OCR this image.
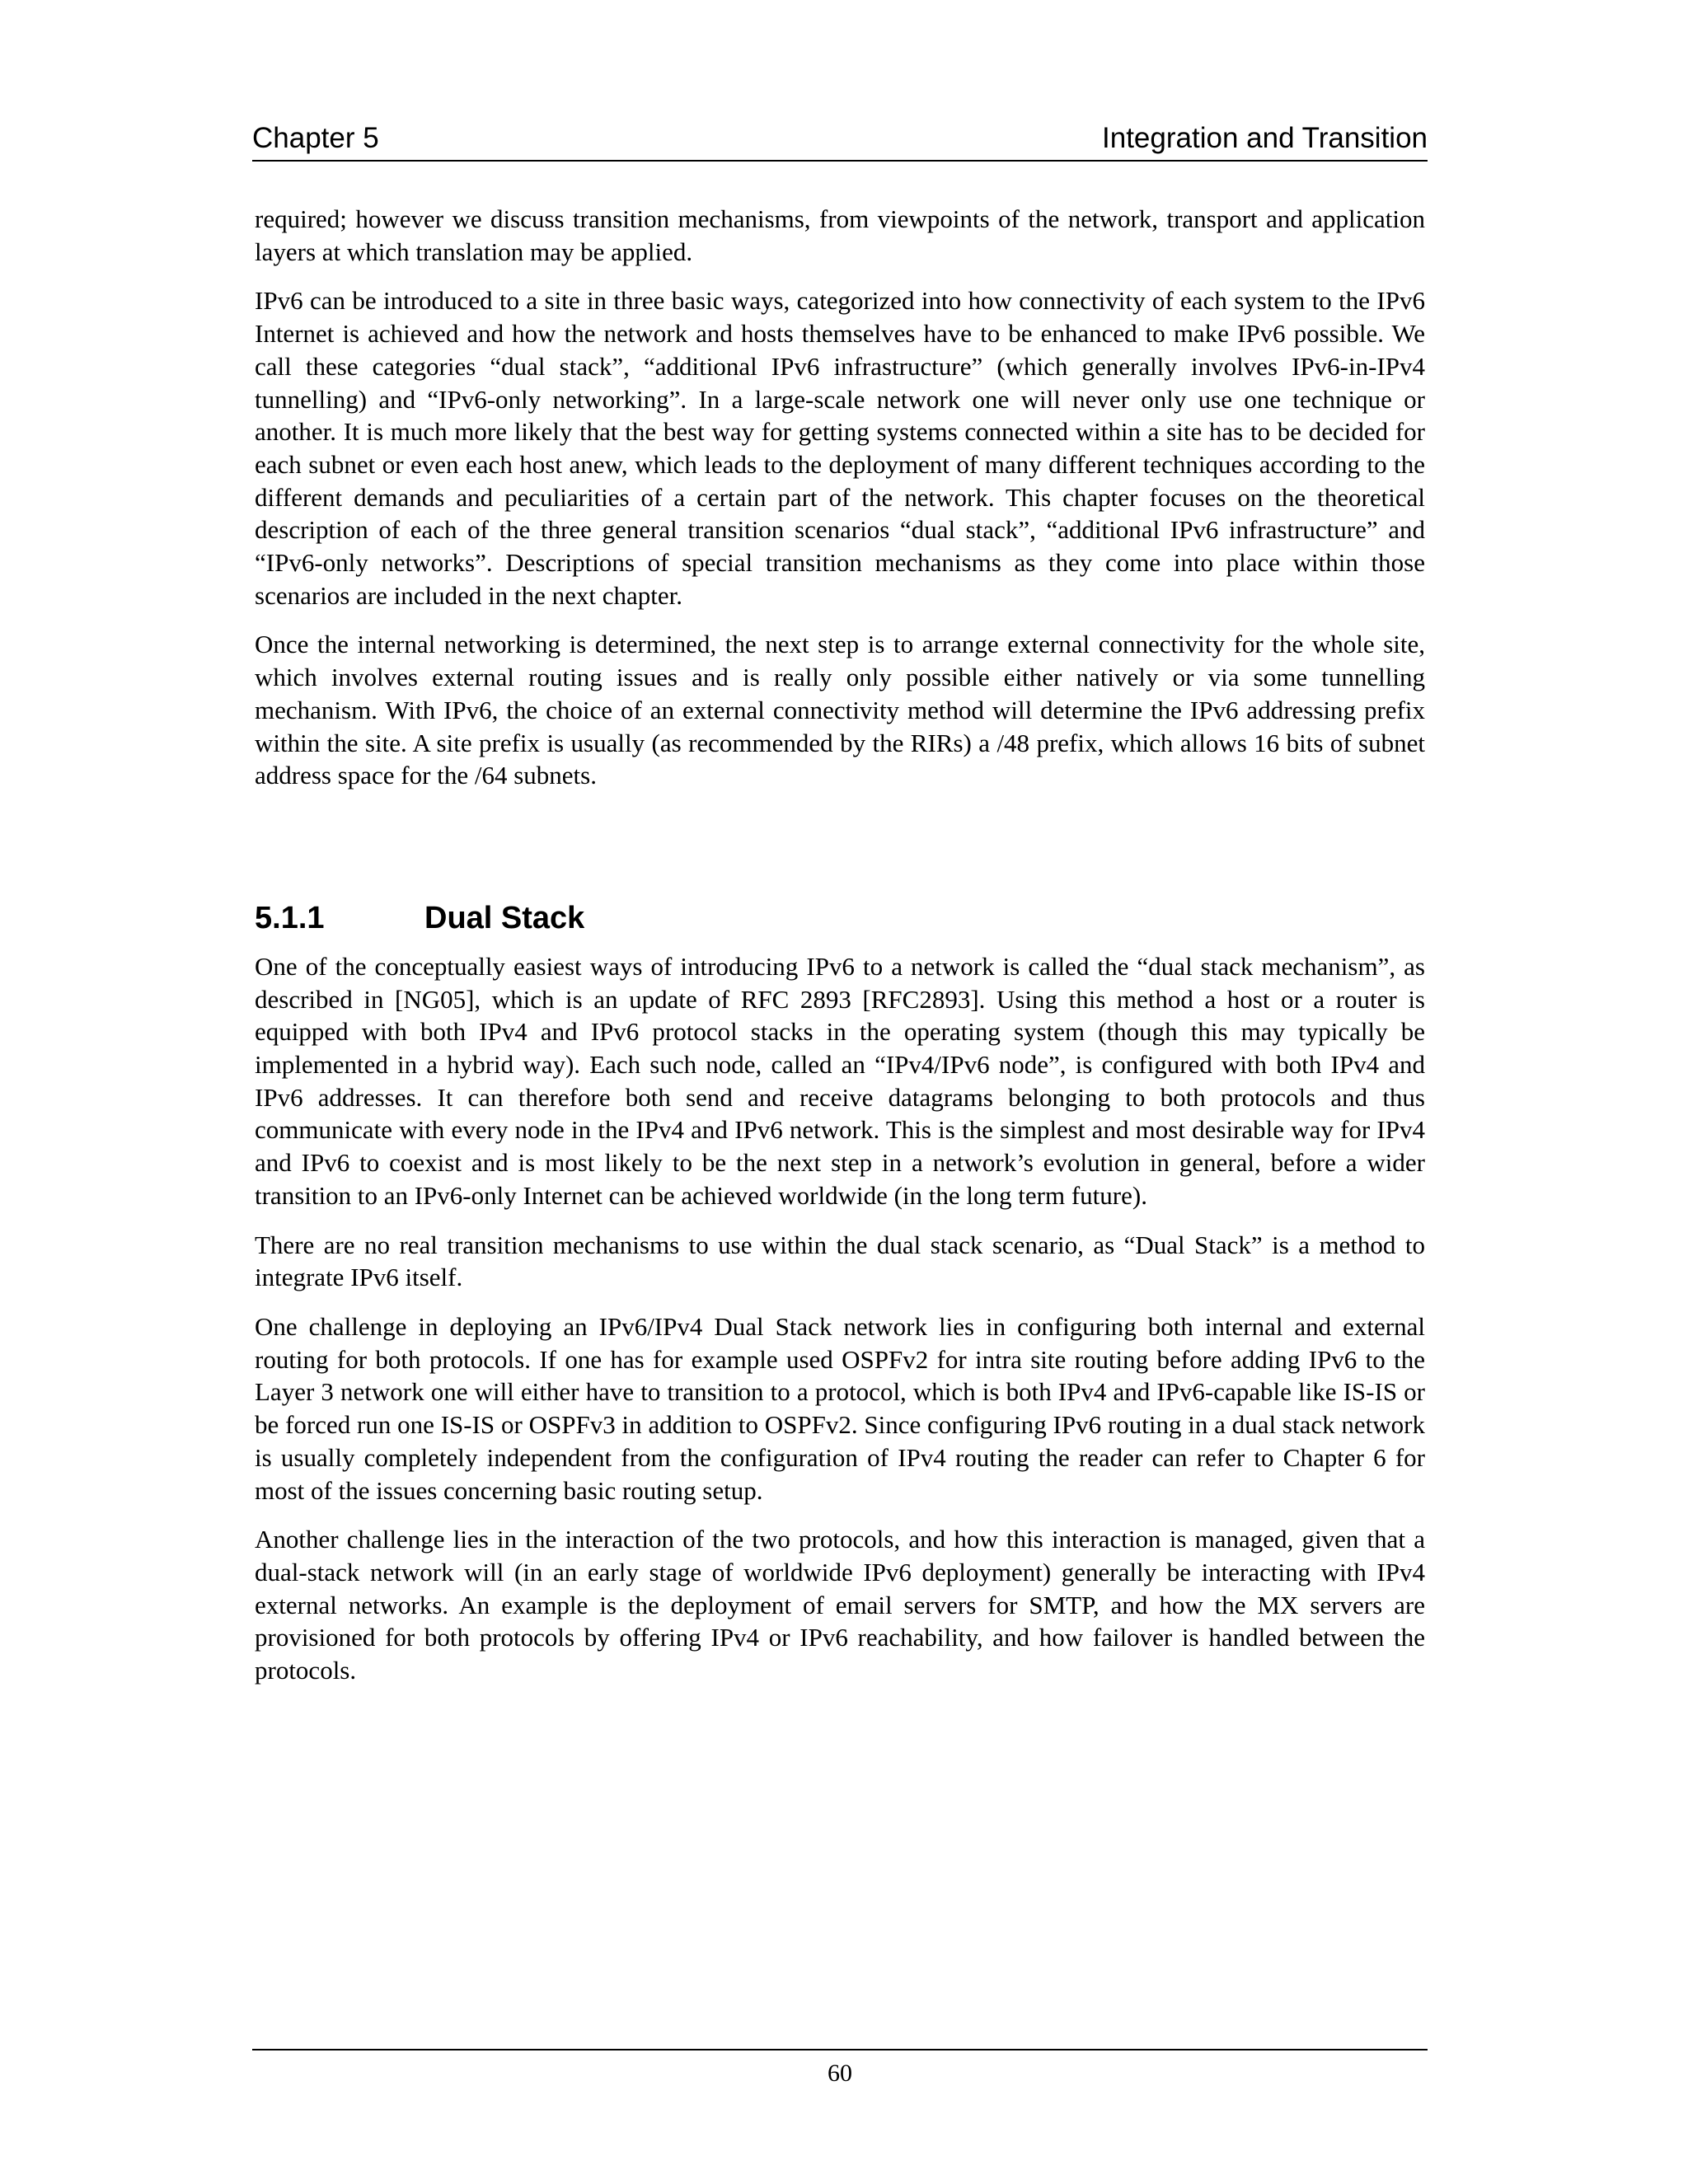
Chapter 5	Integration and Transition

required; however we discuss transition mechanisms, from viewpoints of the network, transport and application layers at which translation may be applied.

IPv6 can be introduced to a site in three basic ways, categorized into how connectivity of each system to the IPv6 Internet is achieved and how the network and hosts themselves have to be enhanced to make IPv6 possible. We call these categories “dual stack”, “additional IPv6 infrastructure” (which generally involves IPv6-in-IPv4 tunnelling) and “IPv6-only networking”. In a large-scale network one will never only use one technique or another. It is much more likely that the best way for getting systems connected within a site has to be decided for each subnet or even each host anew, which leads to the deployment of many different techniques according to the different demands and peculiarities of a certain part of the network. This chapter focuses on the theoretical description of each of the three general transition scenarios “dual stack”, “additional IPv6 infrastructure” and “IPv6-only networks”. Descriptions of special transition mechanisms as they come into place within those scenarios are included in the next chapter.

Once the internal networking is determined, the next step is to arrange external connectivity for the whole site, which involves external routing issues and is really only possible either natively or via some tunnelling mechanism. With IPv6, the choice of an external connectivity method will determine the IPv6 addressing prefix within the site. A site prefix is usually (as recommended by the RIRs) a /48 prefix, which allows 16 bits of subnet address space for the /64 subnets.

5.1.1	Dual Stack

One of the conceptually easiest ways of introducing IPv6 to a network is called the “dual stack mechanism”, as described in [NG05], which is an update of RFC 2893 [RFC2893]. Using this method a host or a router is equipped with both IPv4 and IPv6 protocol stacks in the operating system (though this may typically be implemented in a hybrid way). Each such node, called an “IPv4/IPv6 node”, is configured with both IPv4 and IPv6 addresses. It can therefore both send and receive datagrams belonging to both protocols and thus communicate with every node in the IPv4 and IPv6 network. This is the simplest and most desirable way for IPv4 and IPv6 to coexist and is most likely to be the next step in a network’s evolution in general, before a wider transition to an IPv6-only Internet can be achieved worldwide (in the long term future).

There are no real transition mechanisms to use within the dual stack scenario, as “Dual Stack” is a method to integrate IPv6 itself.

One challenge in deploying an IPv6/IPv4 Dual Stack network lies in configuring both internal and external routing for both protocols. If one has for example used OSPFv2 for intra site routing before adding IPv6 to the Layer 3 network one will either have to transition to a protocol, which is both IPv4 and IPv6-capable like IS-IS or be forced run one IS-IS or OSPFv3 in addition to OSPFv2. Since configuring IPv6 routing in a dual stack network is usually completely independent from the configuration of IPv4 routing the reader can refer to Chapter 6 for most of the issues concerning basic routing setup.

Another challenge lies in the interaction of the two protocols, and how this interaction is managed, given that a dual-stack network will (in an early stage of worldwide IPv6 deployment) generally be interacting with IPv4 external networks. An example is the deployment of email servers for SMTP, and how the MX servers are provisioned for both protocols by offering IPv4 or IPv6 reachability, and how failover is handled between the protocols.

60
